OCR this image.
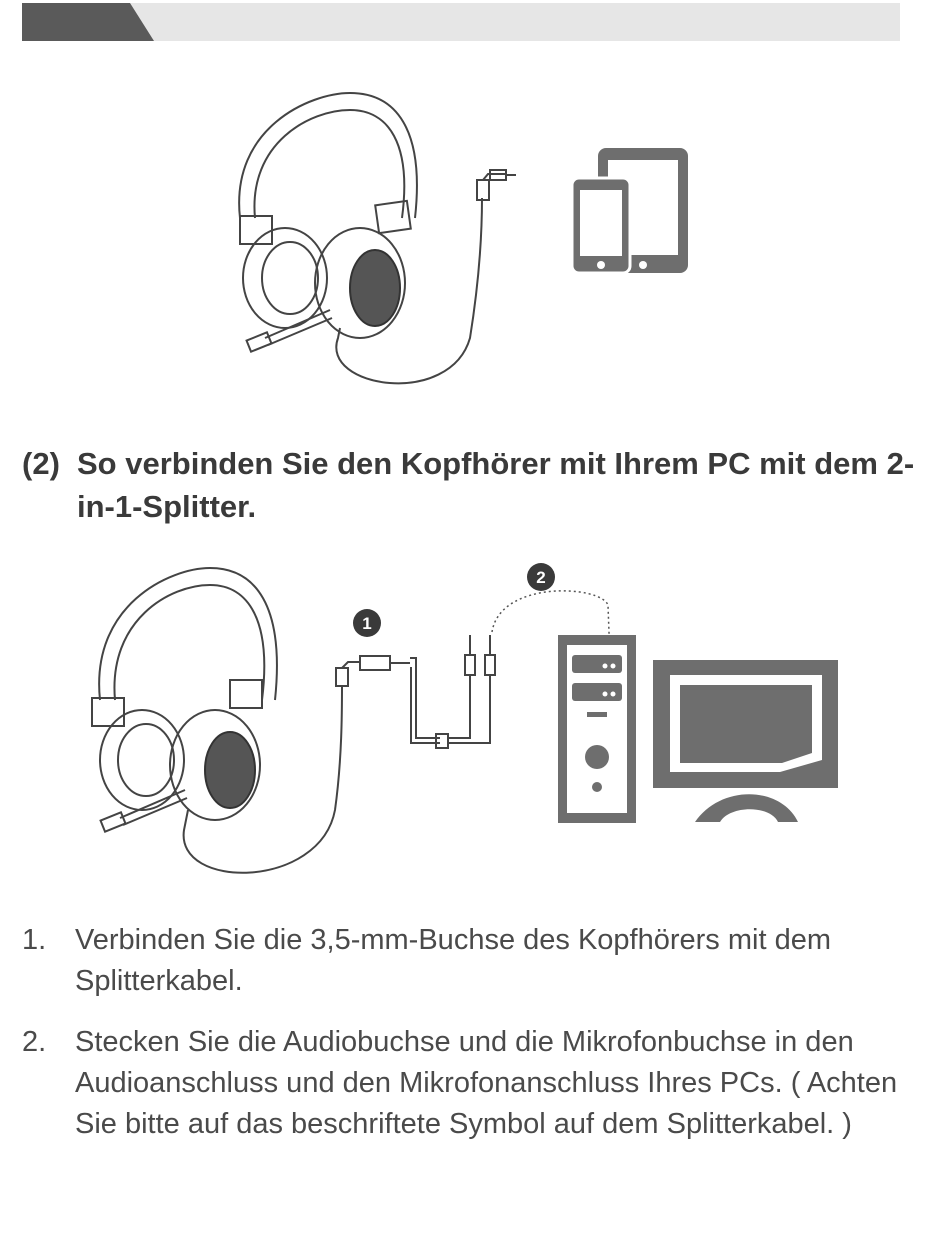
(2) So verbinden Sie den Kopfhörer mit Ihrem PC mit dem 2-in-1-Splitter.
1
2
1. Verbinden Sie die 3,5-mm-Buchse des Kopfhörers mit dem Splitterkabel.
2. Stecken Sie die Audiobuchse und die Mikrofonbuchse in den Audioanschluss und den Mikrofonanschluss Ihres PCs. ( Achten Sie bitte auf das beschriftete Symbol auf dem Splitterkabel. )
